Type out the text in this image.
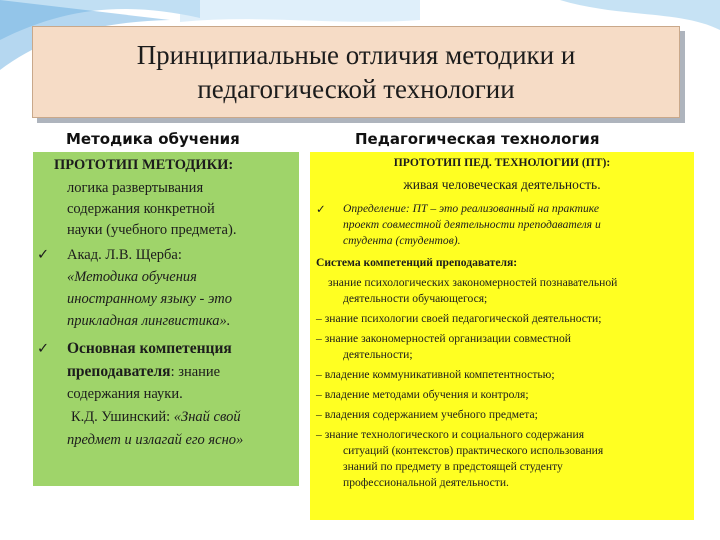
Принципиальные отличия методики и педагогической технологии
Методика обучения	Педагогическая технология
ПРОТОТИП МЕТОДИКИ:
логика развертывания
содержания конкретной
науки (учебного предмета).
✓ Акад. Л.В. Щерба:
«Методика обучения
иностранному языку - это
прикладная лингвистика».
✓ Основная компетенция
преподавателя: знание
содержания науки.
К.Д. Ушинский: «Знай свой
предмет и излагай его ясно»
ПРОТОТИП ПЕД. ТЕХНОЛОГИИ (ПТ):
живая человеческая деятельность.
✓ Определение: ПТ – это реализованный на практике
проект совместной деятельности преподавателя и
студента (студентов).
Система компетенций преподавателя:
знание психологических закономерностей познавательной
деятельности обучающегося;
– знание психологии своей педагогической деятельности;
– знание закономерностей организации совместной
деятельности;
– владение коммуникативной компетентностью;
– владение методами обучения и контроля;
– владения содержанием учебного предмета;
– знание технологического и социального содержания
ситуаций (контекстов) практического использования
знаний по предмету в предстоящей студенту
профессиональной деятельности.
